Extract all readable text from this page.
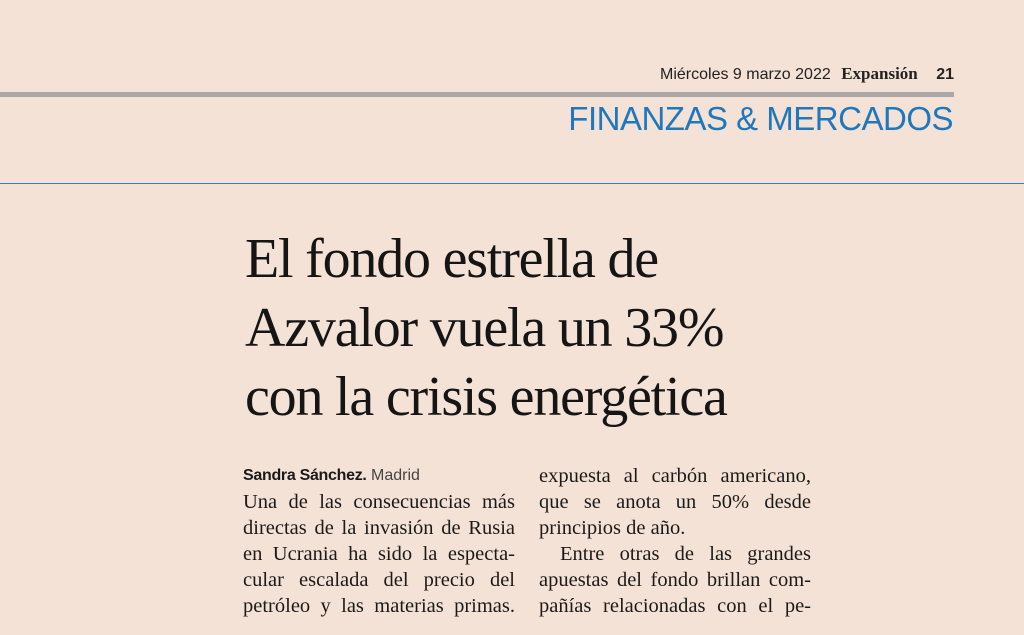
Miércoles 9 marzo 2022 Expansión 21
FINANZAS & MERCADOS
El fondo estrella de
Azvalor vuela un 33%
con la crisis energética
Sandra Sánchez. Madrid
Una de las consecuencias más
directas de la invasión de Rusia
en Ucrania ha sido la especta-
cular escalada del precio del
petróleo y las materias primas.
expuesta al carbón americano,
que se anota un 50% desde
principios de año.
Entre otras de las grandes
apuestas del fondo brillan com-
pañías relacionadas con el pe-
